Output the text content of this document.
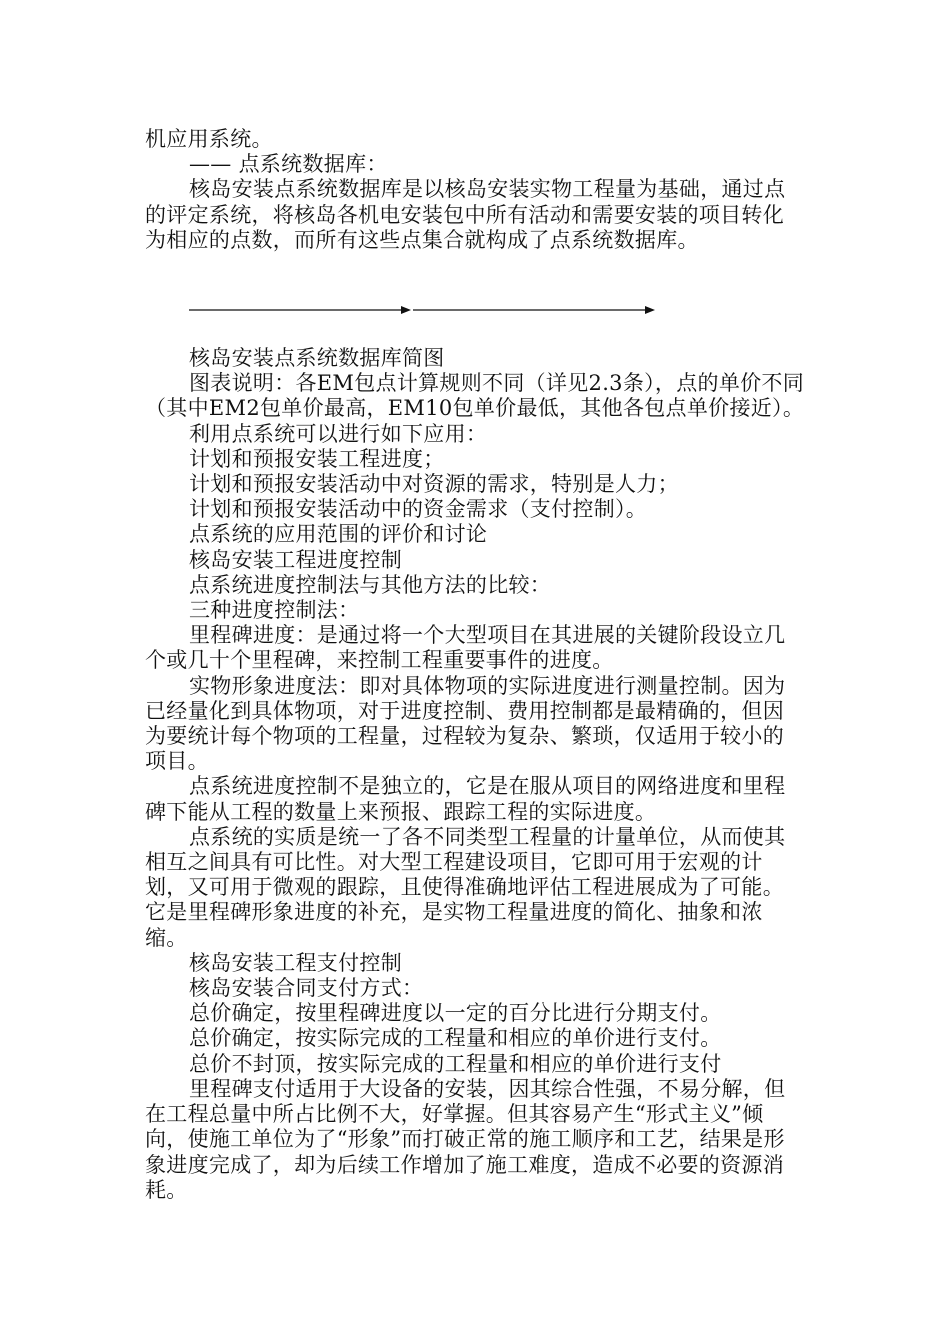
机应用系统。

—— 点系统数据库：

核岛安装点系统数据库是以核岛安装实物工程量为基础，通过点的评定系统，将核岛各机电安装包中所有活动和需要安装的项目转化为相应的点数，而所有这些点集合就构成了点系统数据库。

核岛安装点系统数据库简图

图表说明：各EM包点计算规则不同（详见2.3条），点的单价不同（其中EM2包单价最高，EM10包单价最低，其他各包点单价接近）。

利用点系统可以进行如下应用：

计划和预报安装工程进度；

计划和预报安装活动中对资源的需求，特别是人力；

计划和预报安装活动中的资金需求（支付控制）。

点系统的应用范围的评价和讨论

核岛安装工程进度控制

点系统进度控制法与其他方法的比较：

三种进度控制法：

里程碑进度：是通过将一个大型项目在其进展的关键阶段设立几个或几十个里程碑，来控制工程重要事件的进度。

实物形象进度法：即对具体物项的实际进度进行测量控制。因为已经量化到具体物项，对于进度控制、费用控制都是最精确的，但因为要统计每个物项的工程量，过程较为复杂、繁琐，仅适用于较小的项目。

点系统进度控制不是独立的，它是在服从项目的网络进度和里程碑下能从工程的数量上来预报、跟踪工程的实际进度。

点系统的实质是统一了各不同类型工程量的计量单位，从而使其相互之间具有可比性。对大型工程建设项目，它即可用于宏观的计划，又可用于微观的跟踪，且使得准确地评估工程进展成为了可能。它是里程碑形象进度的补充，是实物工程量进度的简化、抽象和浓缩。

核岛安装工程支付控制

核岛安装合同支付方式：

总价确定，按里程碑进度以一定的百分比进行分期支付。

总价确定，按实际完成的工程量和相应的单价进行支付。

总价不封顶，按实际完成的工程量和相应的单价进行支付

里程碑支付适用于大设备的安装，因其综合性强，不易分解，但在工程总量中所占比例不大，好掌握。但其容易产生“形式主义”倾向，使施工单位为了“形象”而打破正常的施工顺序和工艺，结果是形象进度完成了，却为后续工作增加了施工难度，造成不必要的资源消耗。
